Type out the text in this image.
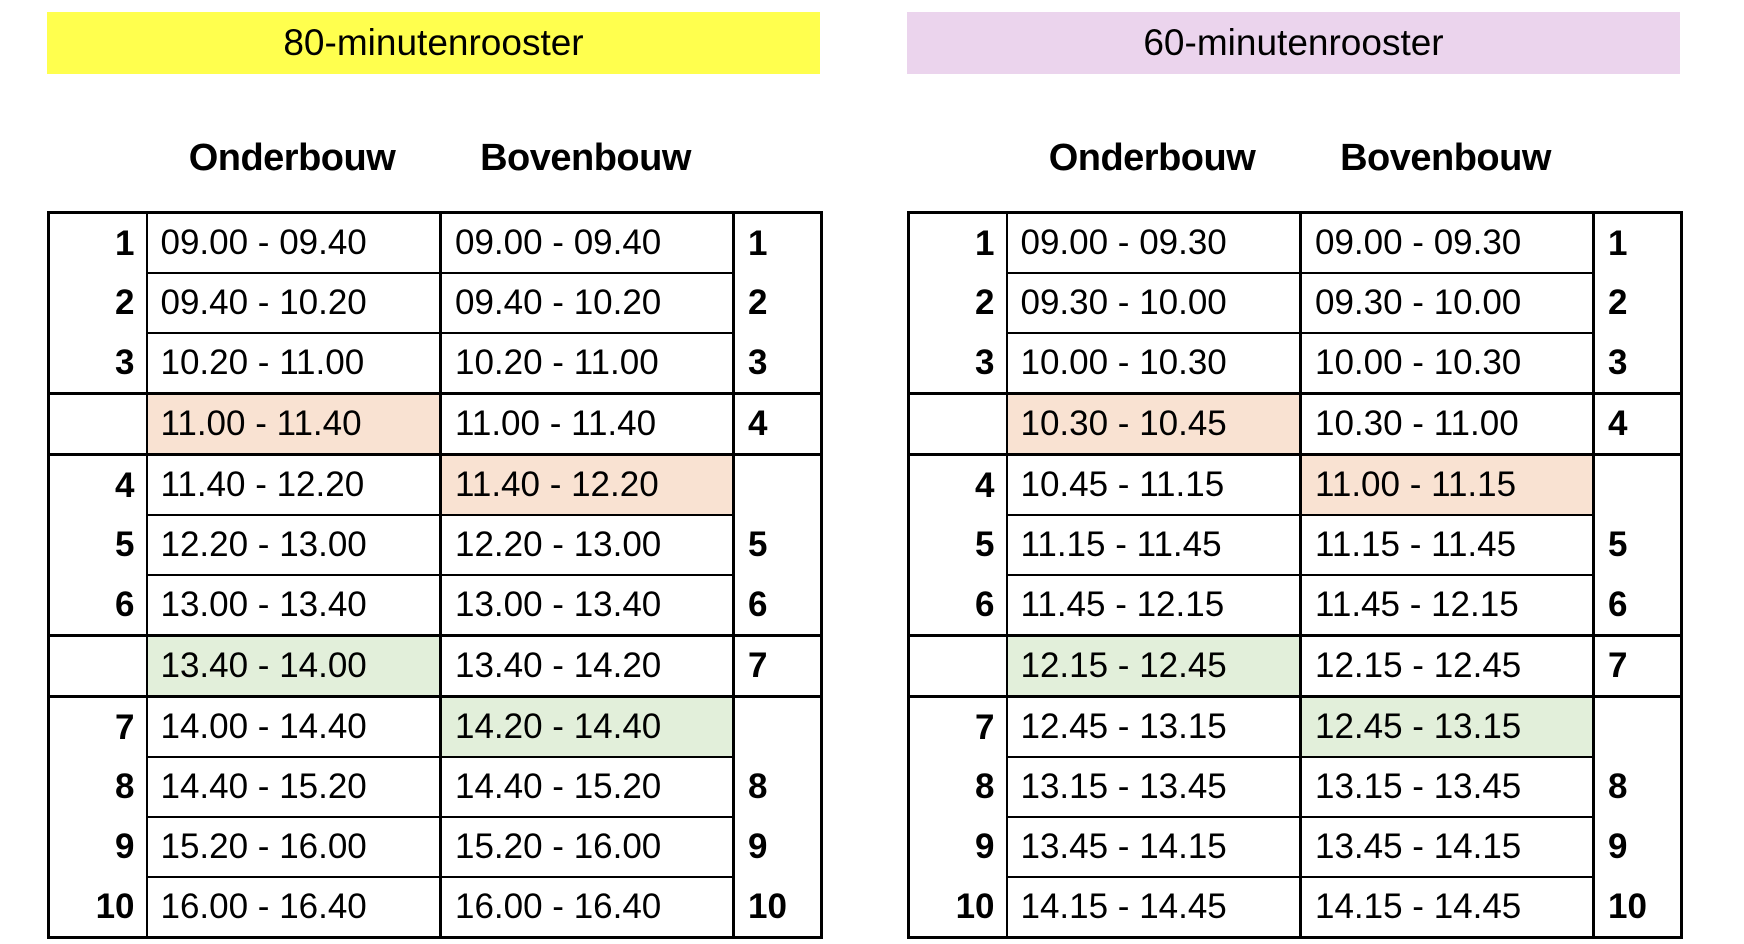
80-minutenrooster
Onderbouw	Bovenbouw
1	09.00 - 09.40	09.00 - 09.40	1
2	09.40 - 10.20	09.40 - 10.20	2
3	10.20 - 11.00	10.20 - 11.00	3
	11.00 - 11.40	11.00 - 11.40	4
4	11.40 - 12.20	11.40 - 12.20	
5	12.20 - 13.00	12.20 - 13.00	5
6	13.00 - 13.40	13.00 - 13.40	6
	13.40 - 14.00	13.40 - 14.20	7
7	14.00 - 14.40	14.20 - 14.40	
8	14.40 - 15.20	14.40 - 15.20	8
9	15.20 - 16.00	15.20 - 16.00	9
10	16.00 - 16.40	16.00 - 16.40	10
60-minutenrooster
Onderbouw	Bovenbouw
1	09.00 - 09.30	09.00 - 09.30	1
2	09.30 - 10.00	09.30 - 10.00	2
3	10.00 - 10.30	10.00 - 10.30	3
	10.30 - 10.45	10.30 - 11.00	4
4	10.45 - 11.15	11.00 - 11.15	
5	11.15 - 11.45	11.15 - 11.45	5
6	11.45 - 12.15	11.45 - 12.15	6
	12.15 - 12.45	12.15 - 12.45	7
7	12.45 - 13.15	12.45 - 13.15	
8	13.15 - 13.45	13.15 - 13.45	8
9	13.45 - 14.15	13.45 - 14.15	9
10	14.15 - 14.45	14.15 - 14.45	10
